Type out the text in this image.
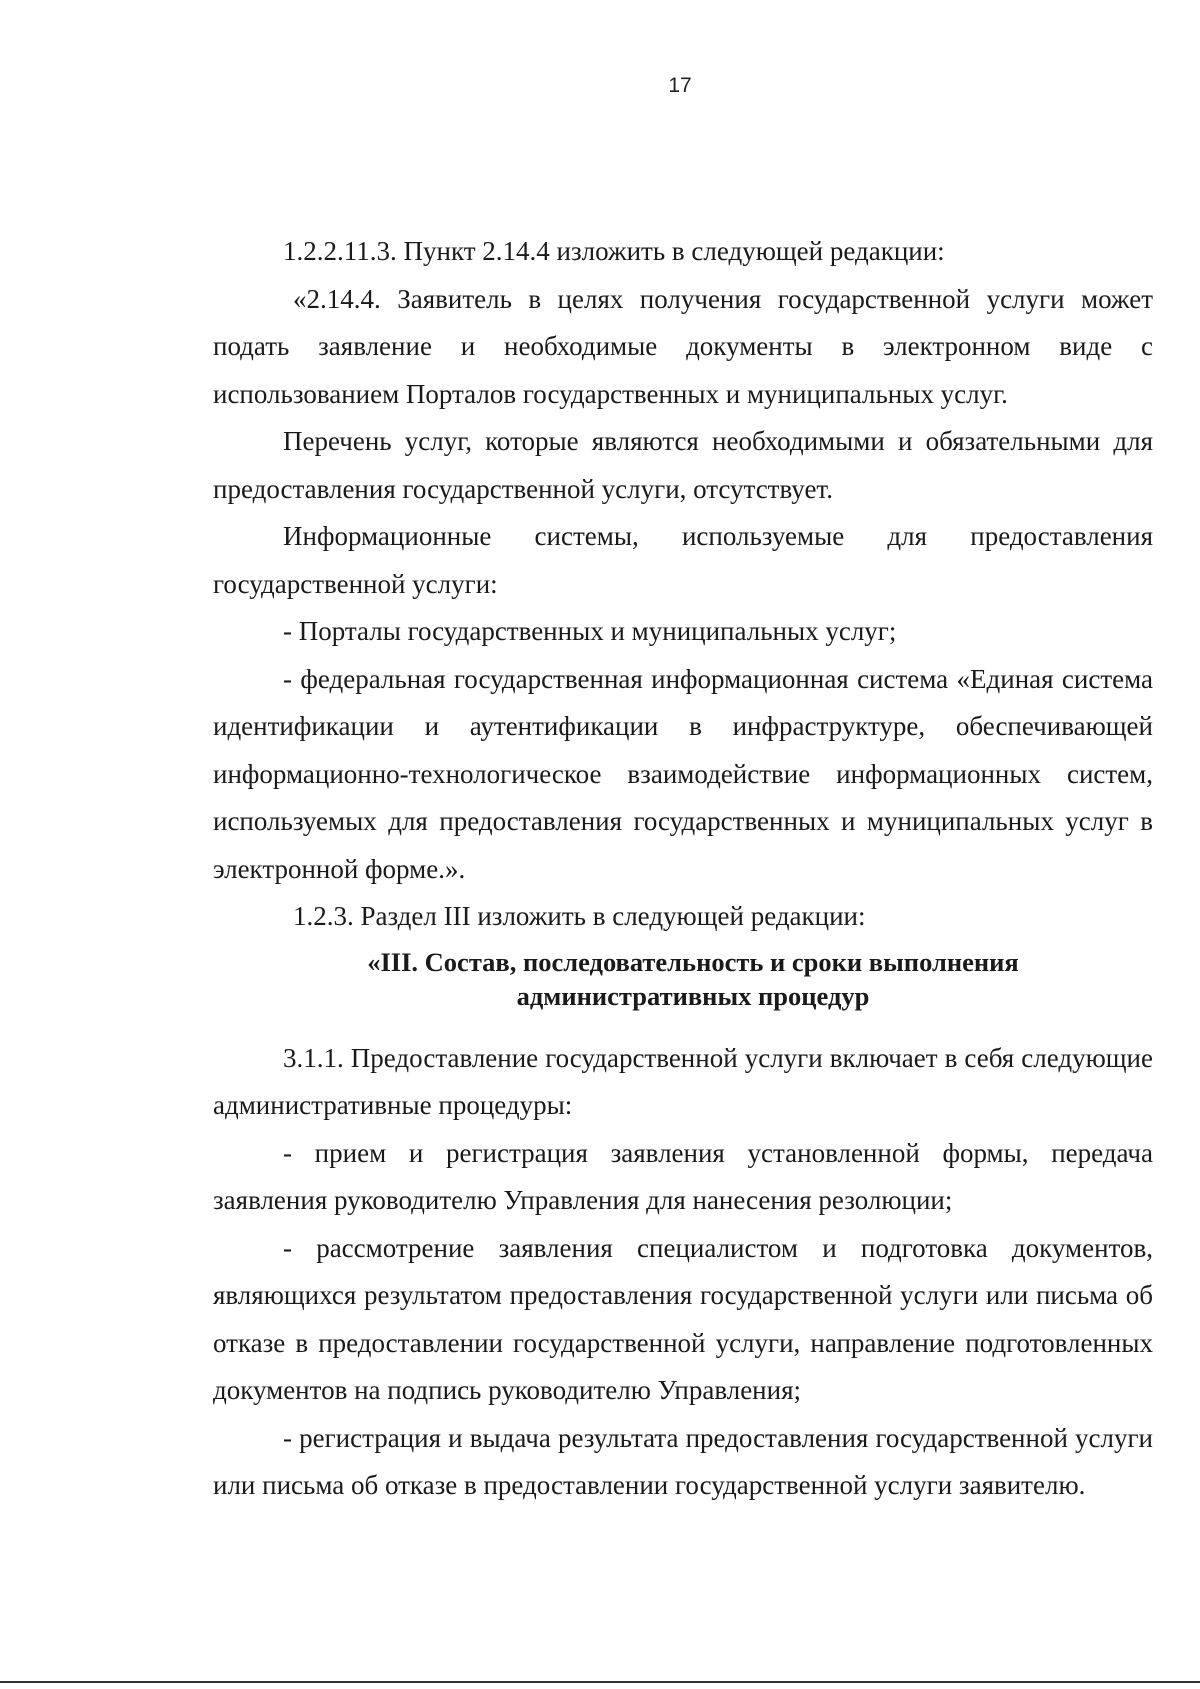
17

1.2.2.11.3. Пункт 2.14.4 изложить в следующей редакции:

«2.14.4. Заявитель в целях получения государственной услуги может подать заявление и необходимые документы в электронном виде с использованием Порталов государственных и муниципальных услуг.

Перечень услуг, которые являются необходимыми и обязательными для предоставления государственной услуги, отсутствует.

Информационные системы, используемые для предоставления государственной услуги:

- Порталы государственных и муниципальных услуг;

- федеральная государственная информационная система «Единая система идентификации и аутентификации в инфраструктуре, обеспечивающей информационно-технологическое взаимодействие информационных систем, используемых для предоставления государственных и муниципальных услуг в электронной форме.».

1.2.3. Раздел III изложить в следующей редакции:

«III. Состав, последовательность и сроки выполнения
административных процедур

3.1.1. Предоставление государственной услуги включает в себя следующие административные процедуры:

- прием и регистрация заявления установленной формы, передача заявления руководителю Управления для нанесения резолюции;

- рассмотрение заявления специалистом и подготовка документов, являющихся результатом предоставления государственной услуги или письма об отказе в предоставлении государственной услуги, направление подготовленных документов на подпись руководителю Управления;

- регистрация и выдача результата предоставления государственной услуги или письма об отказе в предоставлении государственной услуги заявителю.
